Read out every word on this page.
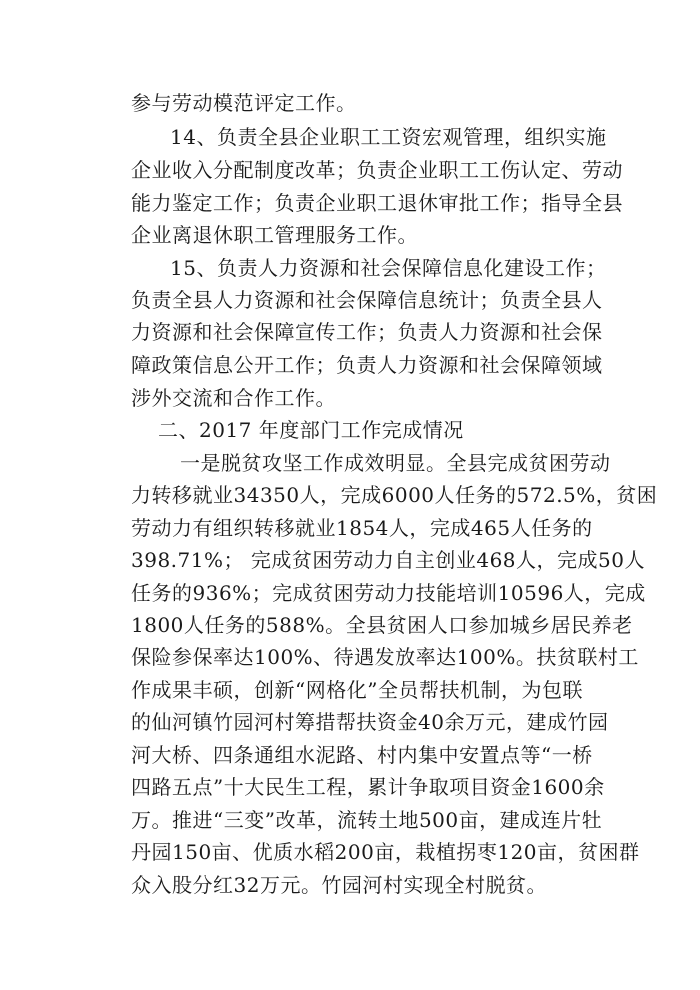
参与劳动模范评定工作。
14、负责全县企业职工工资宏观管理，组织实施
企业收入分配制度改革；负责企业职工工伤认定、劳动
能力鉴定工作；负责企业职工退休审批工作；指导全县
企业离退休职工管理服务工作。
15、负责人力资源和社会保障信息化建设工作；
负责全县人力资源和社会保障信息统计；负责全县人
力资源和社会保障宣传工作；负责人力资源和社会保
障政策信息公开工作；负责人力资源和社会保障领域
涉外交流和合作工作。
二、2017 年度部门工作完成情况
一是脱贫攻坚工作成效明显。全县完成贫困劳动
力转移就业34350人，完成6000人任务的572.5%，贫困
劳动力有组织转移就业1854人，完成465人任务的
398.71%； 完成贫困劳动力自主创业468人，完成50人
任务的936%；完成贫困劳动力技能培训10596人，完成
1800人任务的588%。全县贫困人口参加城乡居民养老
保险参保率达100%、待遇发放率达100%。扶贫联村工
作成果丰硕，创新“网格化”全员帮扶机制，为包联
的仙河镇竹园河村筹措帮扶资金40余万元，建成竹园
河大桥、四条通组水泥路、村内集中安置点等“一桥
四路五点”十大民生工程，累计争取项目资金1600余
万。推进“三变”改革，流转土地500亩，建成连片牡
丹园150亩、优质水稻200亩，栽植拐枣120亩，贫困群
众入股分红32万元。竹园河村实现全村脱贫。
